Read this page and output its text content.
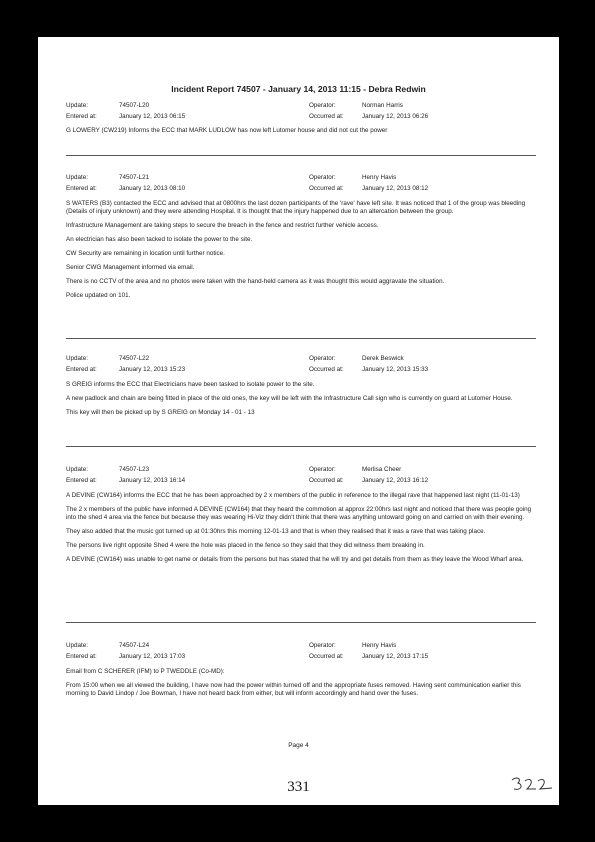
Incident Report 74507 - January 14, 2013 11:15 - Debra Redwin
Update:	74507-L20	Operator:	Norman Harris
Entered at:	January 12, 2013 06:15	Occurred at:	January 12, 2013 06:26

G LOWERY (CW219) Informs the ECC that MARK LUDLOW has now left Lutomer house and did not cut the power

Update:	74507-L21	Operator:	Henry Havis
Entered at:	January 12, 2013 08:10	Occurred at:	January 12, 2013 08:12

S WATERS (B3) contacted the ECC and advised that at 0800hrs the last dozen participants of the 'rave' have left site. It was noticed that 1 of the group was bleeding (Details of injury unknown) and they were attending Hospital. It is thought that the injury happened due to an altercation between the group.

Infrastructure Management are taking steps to secure the breach in the fence and restrict further vehicle access.

An electrician has also been tacked to isolate the power to the site.

CW Security are remaining in location until further notice.

Senior CWG Management informed via email.

There is no CCTV of the area and no photos were taken with the hand-held camera as it was thought this would aggravate the situation.

Police updated on 101.

Update:	74507-L22	Operator:	Derek Beswick
Entered at:	January 12, 2013 15:23	Occurred at:	January 12, 2013 15:33

S GREIG informs the ECC that Electricians have been tasked to isolate power to the site.

A new padlock and chain are being fitted in place of the old ones, the key will be left with the Infrastructure Call sign who is currently on guard at Lutomer House.

This key will then be picked up by S GREIG on Monday 14 - 01 - 13

Update:	74507-L23	Operator:	Merlisa Cheer
Entered at:	January 12, 2013 16:14	Occurred at:	January 12, 2013 16:12

A DEVINE (CW164) informs the ECC that he has been approached by 2 x members of the public in reference to the illegal rave that happened last night (11-01-13)

The 2 x members of the public have informed A DEVINE (CW164) that they heard the commotion at approx 22:00hrs last night and noticed that there was people going into the shed 4 area via the fence but because they was wearing Hi-Viz they didn't think that there was anything untoward going on and carried on with their evening.

They also added that the music got turned up at 01:30hrs this morning 12-01-13 and that is when they realised that it was a rave that was taking place.

The persons live right opposite Shed 4 were the hole was placed in the fence so they said that they did witness them breaking in.

A DEVINE (CW164) was unable to get name or details from the persons but has stated that he will try and get details from them as they leave the Wood Wharf area.

Update:	74507-L24	Operator:	Henry Havis
Entered at:	January 12, 2013 17:03	Occurred at:	January 12, 2013 17:15

Email from C SCHERER (IFM) to P TWEDDLE (Co-MD):

From 15:00 when we all viewed the building, I have now had the power within turned off and the appropriate fuses removed. Having sent communication earlier this morning to David Lindop / Joe Bowman, I have not heard back from either, but will inform accordingly and hand over the fuses.

Page 4
331
